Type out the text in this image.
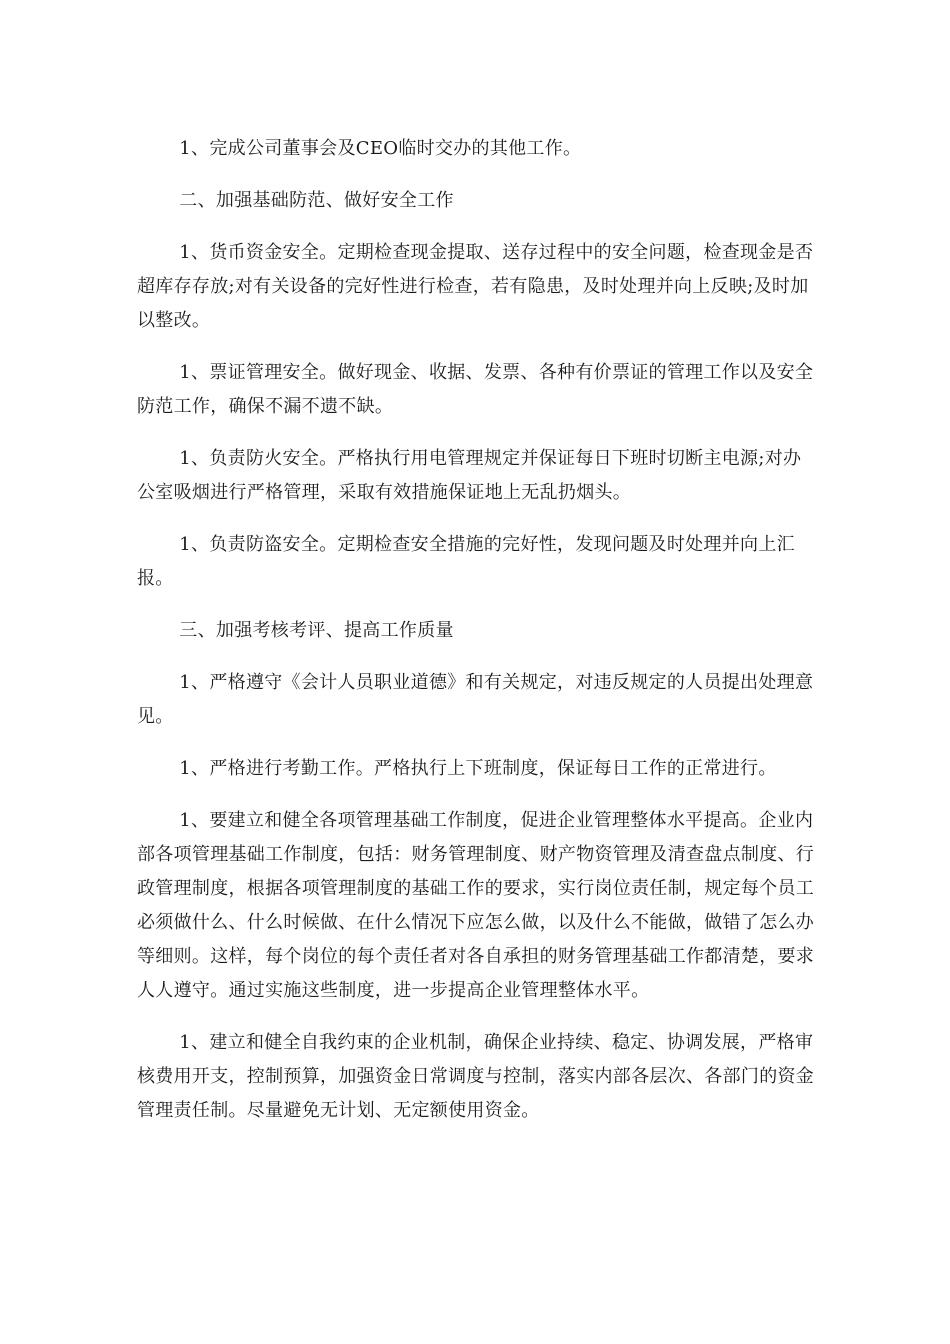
1、完成公司董事会及CEO临时交办的其他工作。

二、加强基础防范、做好安全工作

1、货币资金安全。定期检查现金提取、送存过程中的安全问题，检查现金是否超库存存放;对有关设备的完好性进行检查，若有隐患，及时处理并向上反映;及时加以整改。

1、票证管理安全。做好现金、收据、发票、各种有价票证的管理工作以及安全防范工作，确保不漏不遗不缺。

1、负责防火安全。严格执行用电管理规定并保证每日下班时切断主电源;对办公室吸烟进行严格管理，采取有效措施保证地上无乱扔烟头。

1、负责防盗安全。定期检查安全措施的完好性，发现问题及时处理并向上汇报。

三、加强考核考评、提高工作质量

1、严格遵守《会计人员职业道德》和有关规定，对违反规定的人员提出处理意见。

1、严格进行考勤工作。严格执行上下班制度，保证每日工作的正常进行。

1、要建立和健全各项管理基础工作制度，促进企业管理整体水平提高。企业内部各项管理基础工作制度，包括：财务管理制度、财产物资管理及清查盘点制度、行政管理制度，根据各项管理制度的基础工作的要求，实行岗位责任制，规定每个员工必须做什么、什么时候做、在什么情况下应怎么做，以及什么不能做，做错了怎么办等细则。这样，每个岗位的每个责任者对各自承担的财务管理基础工作都清楚，要求人人遵守。通过实施这些制度，进一步提高企业管理整体水平。

1、建立和健全自我约束的企业机制，确保企业持续、稳定、协调发展，严格审核费用开支，控制预算，加强资金日常调度与控制，落实内部各层次、各部门的资金管理责任制。尽量避免无计划、无定额使用资金。
